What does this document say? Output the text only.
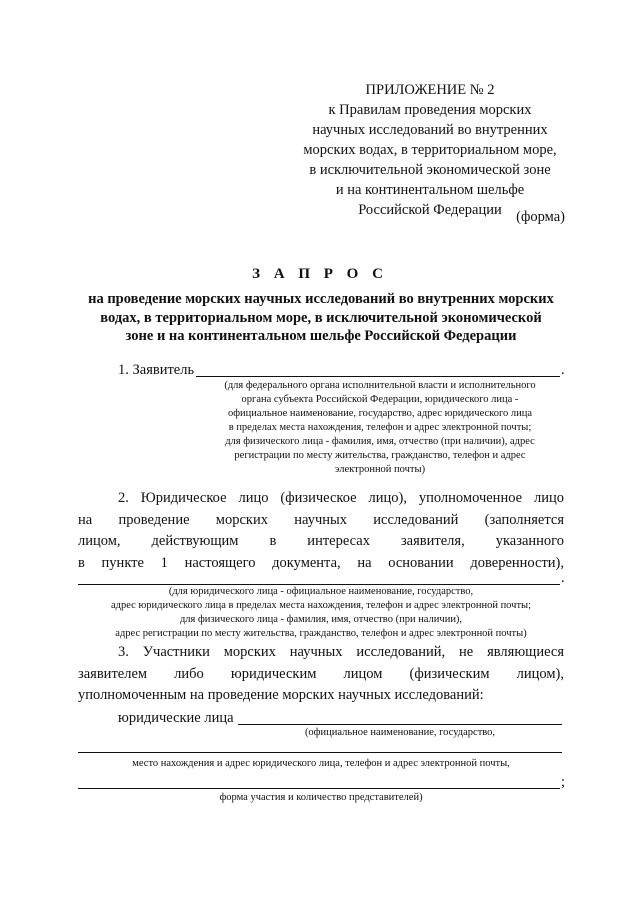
ПРИЛОЖЕНИЕ № 2
к Правилам проведения морских
научных исследований во внутренних
морских водах, в территориальном море,
в исключительной экономической зоне
и на континентальном шельфе
Российской Федерации (форма)
З А П Р О С
на проведение морских научных исследований во внутренних морских
водах, в территориальном море, в исключительной экономической
зоне и на континентальном шельфе Российской Федерации
1. Заявитель	.
(для федерального органа исполнительной власти и исполнительного
органа субъекта Российской Федерации, юридического лица -
официальное наименование, государство, адрес юридического лица
в пределах места нахождения, телефон и адрес электронной почты;
для физического лица - фамилия, имя, отчество (при наличии), адрес
регистрации по месту жительства, гражданство, телефон и адрес
электронной почты)
2. Юридическое лицо (физическое лицо), уполномоченное лицо
на проведение морских научных исследований (заполняется
лицом, действующим в интересах заявителя, указанного
в пункте 1 настоящего документа, на основании доверенности),
.
(для юридического лица - официальное наименование, государство,
адрес юридического лица в пределах места нахождения, телефон и адрес электронной почты;
для физического лица - фамилия, имя, отчество (при наличии),
адрес регистрации по месту жительства, гражданство, телефон и адрес электронной почты)
3. Участники морских научных исследований, не являющиеся
заявителем либо юридическим лицом (физическим лицом),
уполномоченным на проведение морских научных исследований:
юридические лица
(официальное наименование, государство,
место нахождения и адрес юридического лица, телефон и адрес электронной почты,
;
форма участия и количество представителей)
